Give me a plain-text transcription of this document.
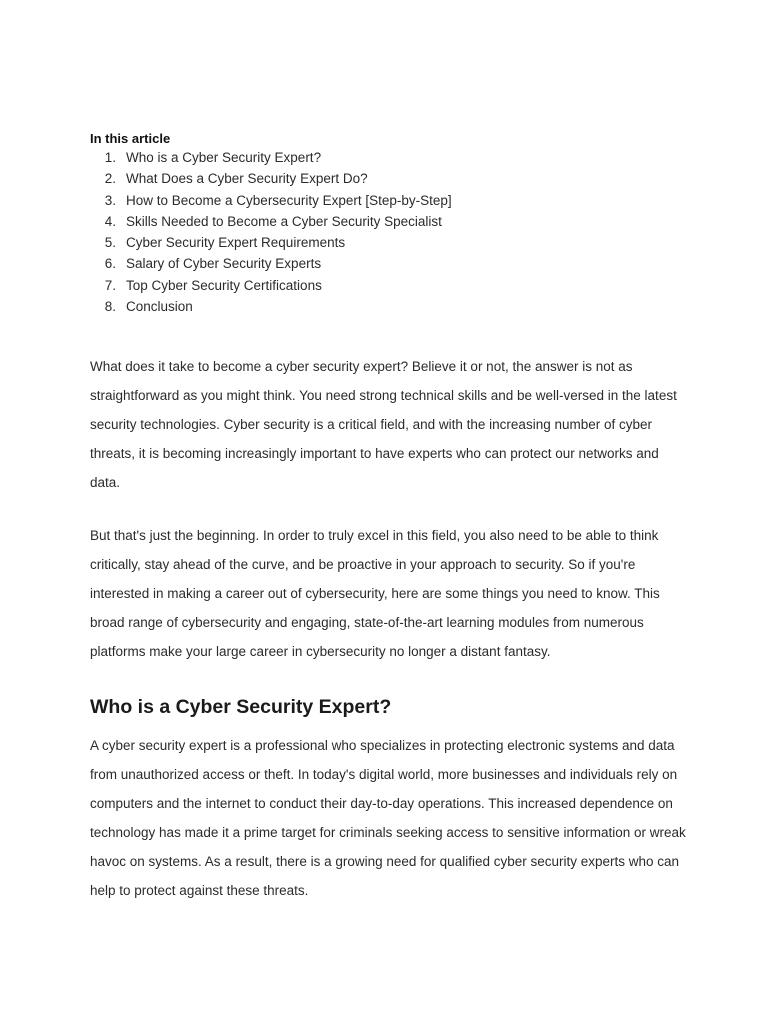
In this article

1. Who is a Cyber Security Expert?
2. What Does a Cyber Security Expert Do?
3. How to Become a Cybersecurity Expert [Step-by-Step]
4. Skills Needed to Become a Cyber Security Specialist
5. Cyber Security Expert Requirements
6. Salary of Cyber Security Experts
7. Top Cyber Security Certifications
8. Conclusion

What does it take to become a cyber security expert? Believe it or not, the answer is not as straightforward as you might think. You need strong technical skills and be well-versed in the latest security technologies. Cyber security is a critical field, and with the increasing number of cyber threats, it is becoming increasingly important to have experts who can protect our networks and data.

But that's just the beginning. In order to truly excel in this field, you also need to be able to think critically, stay ahead of the curve, and be proactive in your approach to security. So if you're interested in making a career out of cybersecurity, here are some things you need to know. This broad range of cybersecurity and engaging, state-of-the-art learning modules from numerous platforms make your large career in cybersecurity no longer a distant fantasy.

Who is a Cyber Security Expert?

A cyber security expert is a professional who specializes in protecting electronic systems and data from unauthorized access or theft. In today's digital world, more businesses and individuals rely on computers and the internet to conduct their day-to-day operations. This increased dependence on technology has made it a prime target for criminals seeking access to sensitive information or wreak havoc on systems. As a result, there is a growing need for qualified cyber security experts who can help to protect against these threats.
